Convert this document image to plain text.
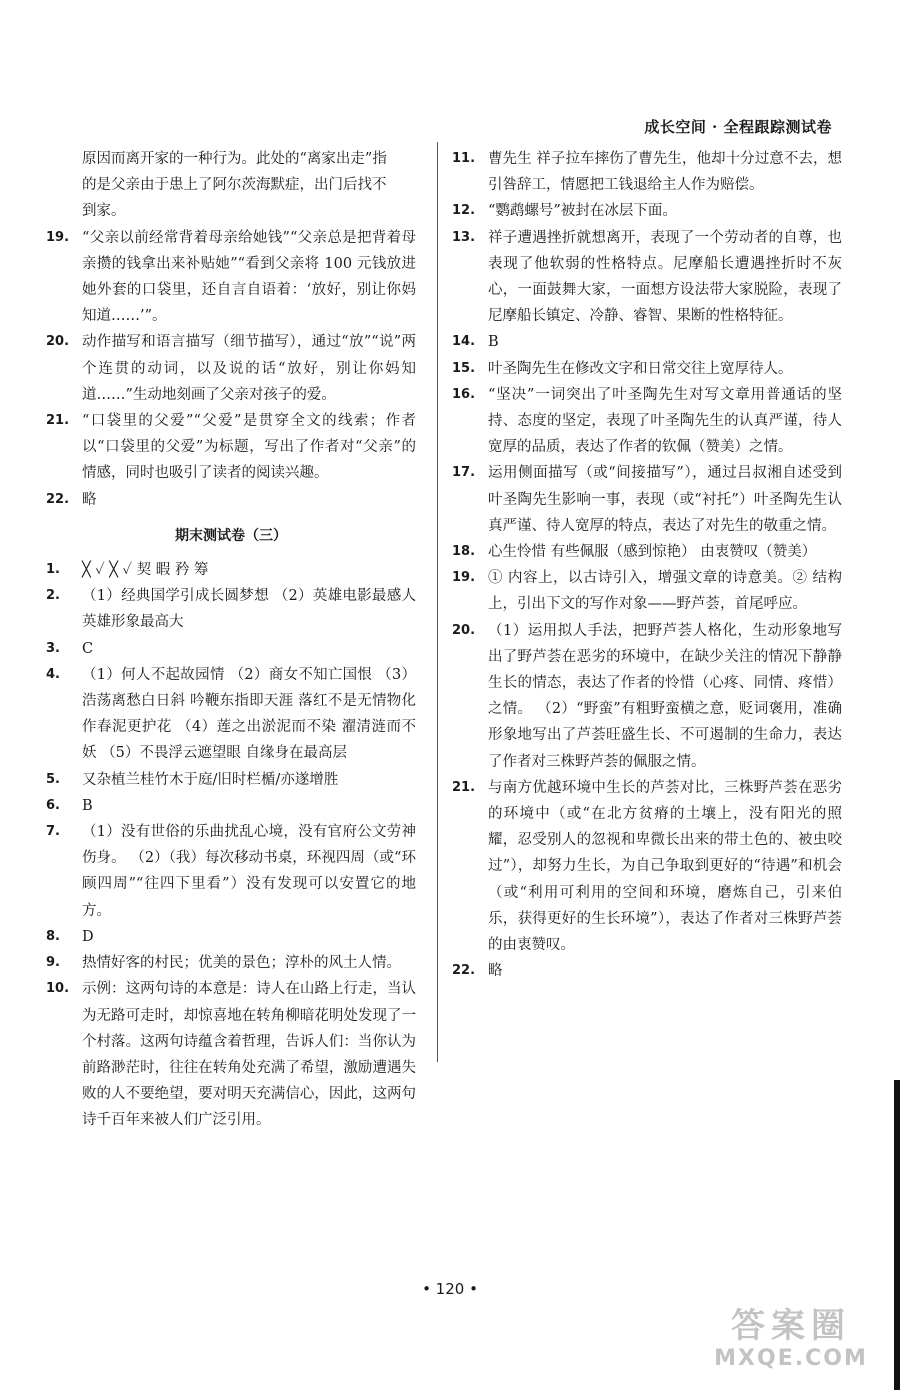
成长空间 · 全程跟踪测试卷
原因而离开家的一种行为。此处的“离家出走”指
的是父亲由于患上了阿尔茨海默症，出门后找不
到家。
19. “父亲以前经常背着母亲给她钱”“父亲总是把背着母亲攒的钱拿出来补贴她”“看到父亲将 100 元钱放进她外套的口袋里，还自言自语着：‘放好，别让你妈知道……’”。
20. 动作描写和语言描写（细节描写），通过“放”“说”两个连贯的动词，以及说的话“放好，别让你妈知道……”生动地刻画了父亲对孩子的爱。
21. “口袋里的父爱”“父爱”是贯穿全文的线索；作者以“口袋里的父爱”为标题，写出了作者对“父亲”的情感，同时也吸引了读者的阅读兴趣。
22. 略
期末测试卷（三）
1.	╳ ✓ ╳ ✓ 契 暇 矜 筹
2.	（1）经典国学引成长圆梦想 （2）英雄电影最感人英雄形象最高大
3.	C
4.	（1）何人不起故园情 （2）商女不知亡国恨 （3）浩荡离愁白日斜 吟鞭东指即天涯 落红不是无情物化作春泥更护花 （4）莲之出淤泥而不染 濯清涟而不妖 （5）不畏浮云遮望眼 自缘身在最高层
5.	又杂植兰桂竹木于庭/旧时栏楯/亦遂增胜
6.	B
7.	（1）没有世俗的乐曲扰乱心境，没有官府公文劳神伤身。 （2）（我）每次移动书桌，环视四周（或“环顾四周”“往四下里看”）没有发现可以安置它的地方。
8.	D
9.	热情好客的村民；优美的景色；淳朴的风土人情。
10. 示例：这两句诗的本意是：诗人在山路上行走，当认为无路可走时，却惊喜地在转角柳暗花明处发现了一个村落。这两句诗蕴含着哲理，告诉人们：当你认为前路渺茫时，往往在转角处充满了希望，激励遭遇失败的人不要绝望，要对明天充满信心，因此，这两句诗千百年来被人们广泛引用。
11. 曹先生 祥子拉车摔伤了曹先生，他却十分过意不去，想引咎辞工，情愿把工钱退给主人作为赔偿。
12. “鹦鹉螺号”被封在冰层下面。
13. 祥子遭遇挫折就想离开，表现了一个劳动者的自尊，也表现了他软弱的性格特点。尼摩船长遭遇挫折时不灰心，一面鼓舞大家，一面想方设法带大家脱险，表现了尼摩船长镇定、冷静、睿智、果断的性格特征。
14. B
15. 叶圣陶先生在修改文字和日常交往上宽厚待人。
16. “坚决”一词突出了叶圣陶先生对写文章用普通话的坚持、态度的坚定，表现了叶圣陶先生的认真严谨，待人宽厚的品质，表达了作者的钦佩（赞美）之情。
17. 运用侧面描写（或“间接描写”），通过吕叔湘自述受到叶圣陶先生影响一事，表现（或“衬托”）叶圣陶先生认真严谨、待人宽厚的特点，表达了对先生的敬重之情。
18. 心生怜惜 有些佩服（感到惊艳） 由衷赞叹（赞美）
19. ① 内容上，以古诗引入，增强文章的诗意美。② 结构上，引出下文的写作对象——野芦荟，首尾呼应。
20. （1）运用拟人手法，把野芦荟人格化，生动形象地写出了野芦荟在恶劣的环境中，在缺少关注的情况下静静生长的情态，表达了作者的怜惜（心疼、同情、疼惜）之情。 （2）“野蛮”有粗野蛮横之意，贬词褒用，准确形象地写出了芦荟旺盛生长、不可遏制的生命力，表达了作者对三株野芦荟的佩服之情。
21. 与南方优越环境中生长的芦荟对比，三株野芦荟在恶劣的环境中（或“在北方贫瘠的土壤上，没有阳光的照耀，忍受别人的忽视和卑微长出来的带土色的、被虫咬过”），却努力生长，为自己争取到更好的“待遇”和机会（或“利用可利用的空间和环境，磨炼自己，引来伯乐，获得更好的生长环境”），表达了作者对三株野芦荟的由衷赞叹。
22. 略
• 120 •
答案圈
MXQE.COM
